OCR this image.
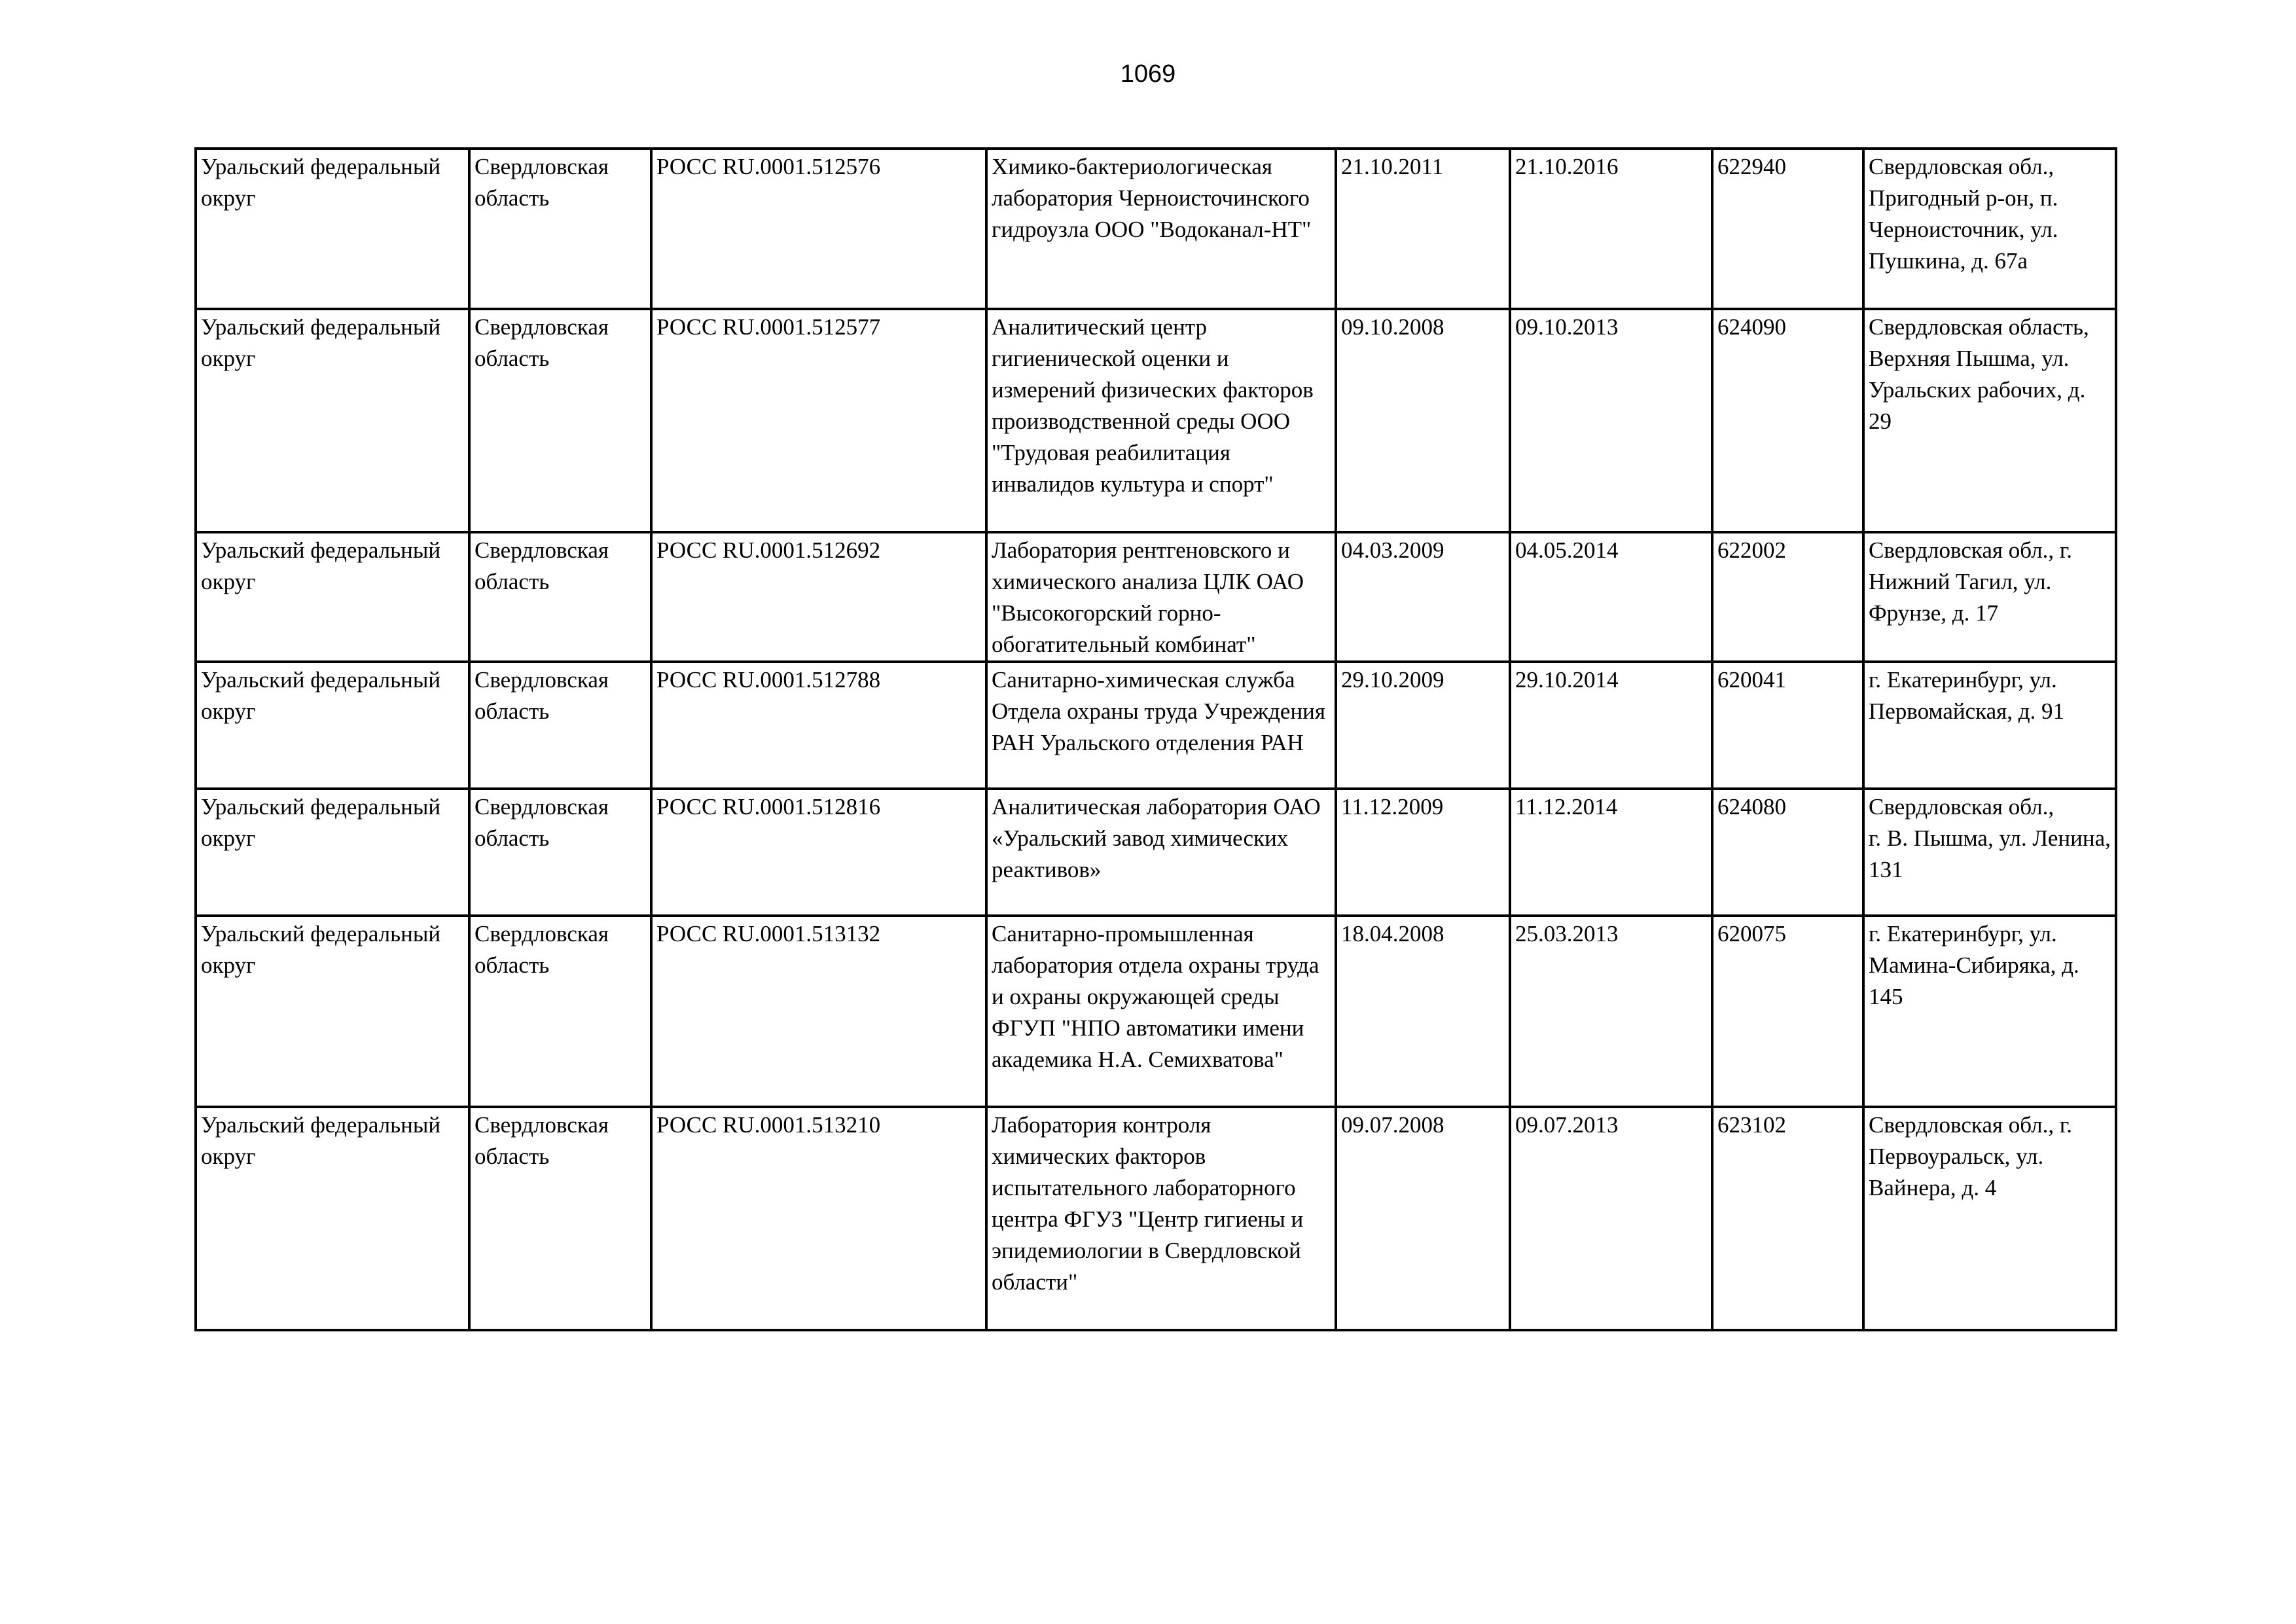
1069
Уральский федеральный округ	Свердловская область	РОСС RU.0001.512576	Химико-бактериологическая лаборатория Черноисточинского гидроузла ООО "Водоканал-НТ"	21.10.2011	21.10.2016	622940	Свердловская обл., Пригодный р-он, п. Черноисточник, ул. Пушкина, д. 67а
Уральский федеральный округ	Свердловская область	РОСС RU.0001.512577	Аналитический центр гигиенической оценки и измерений физических факторов производственной среды ООО "Трудовая реабилитация инвалидов культура и спорт"	09.10.2008	09.10.2013	624090	Свердловская область, Верхняя Пышма, ул. Уральских рабочих, д. 29
Уральский федеральный округ	Свердловская область	РОСС RU.0001.512692	Лаборатория рентгеновского и химического анализа ЦЛК ОАО "Высокогорский горно-обогатительный комбинат"	04.03.2009	04.05.2014	622002	Свердловская обл., г. Нижний Тагил, ул. Фрунзе, д. 17
Уральский федеральный округ	Свердловская область	РОСС RU.0001.512788	Санитарно-химическая служба Отдела охраны труда Учреждения РАН Уральского отделения РАН	29.10.2009	29.10.2014	620041	г. Екатеринбург, ул. Первомайская, д. 91
Уральский федеральный округ	Свердловская область	РОСС RU.0001.512816	Аналитическая лаборатория ОАО «Уральский завод химических реактивов»	11.12.2009	11.12.2014	624080	Свердловская обл.,
г. В. Пышма, ул. Ленина, 131
Уральский федеральный округ	Свердловская область	РОСС RU.0001.513132	Санитарно-промышленная лаборатория отдела охраны труда и охраны окружающей среды ФГУП "НПО автоматики имени академика Н.А. Семихватова"	18.04.2008	25.03.2013	620075	г. Екатеринбург, ул. Мамина-Сибиряка, д. 145
Уральский федеральный округ	Свердловская область	РОСС RU.0001.513210	Лаборатория контроля химических факторов испытательного лабораторного центра ФГУЗ "Центр гигиены и эпидемиологии в Свердловской области"	09.07.2008	09.07.2013	623102	Свердловская обл., г. Первоуральск, ул. Вайнера, д. 4
